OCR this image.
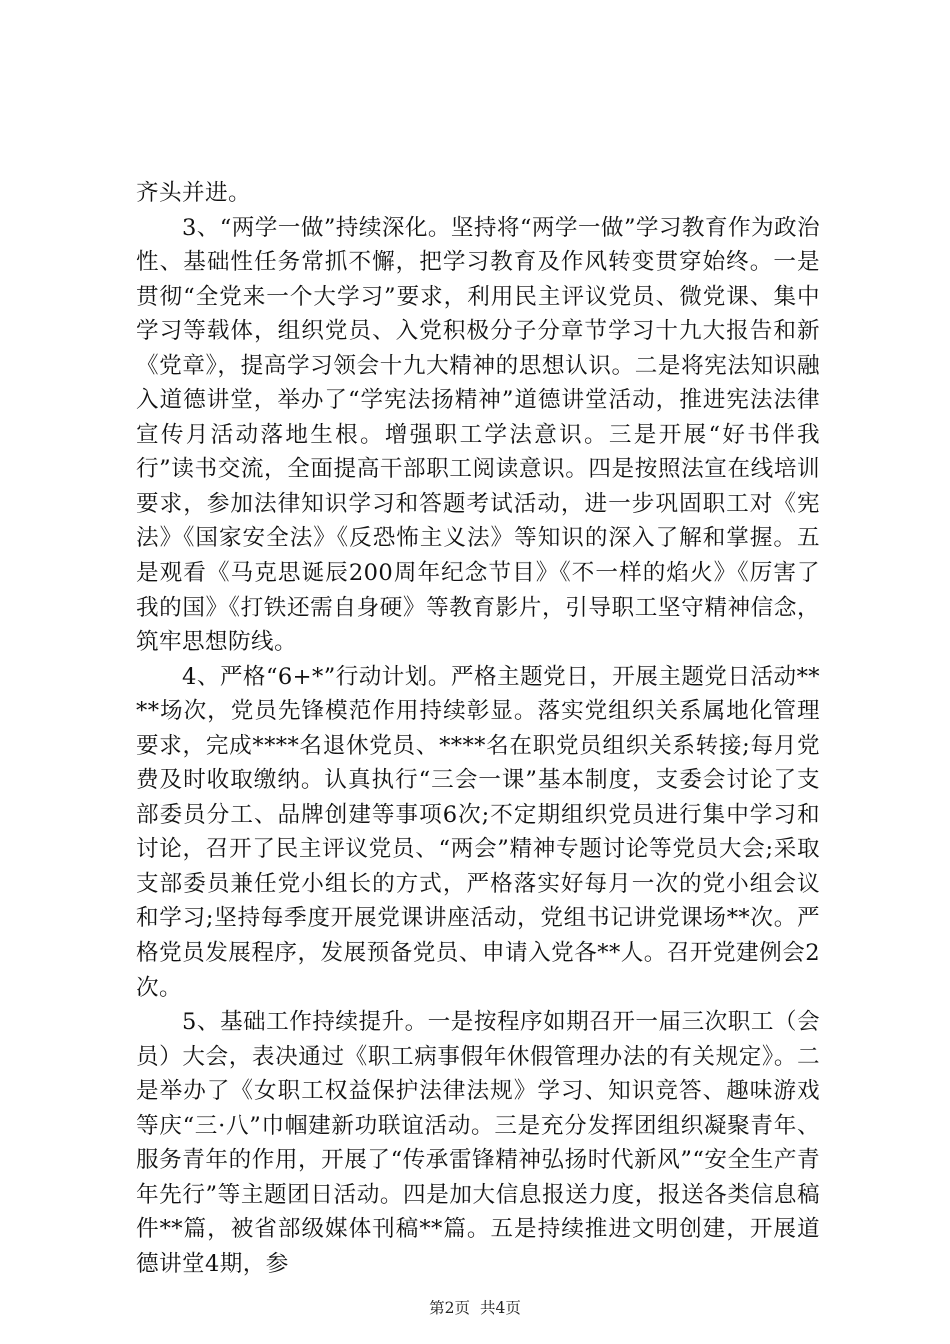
齐头并进。

3、“两学一做”持续深化。坚持将“两学一做”学习教育作为政治性、基础性任务常抓不懈，把学习教育及作风转变贯穿始终。一是贯彻“全党来一个大学习”要求，利用民主评议党员、微党课、集中学习等载体，组织党员、入党积极分子分章节学习十九大报告和新《党章》，提高学习领会十九大精神的思想认识。二是将宪法知识融入道德讲堂，举办了“学宪法扬精神”道德讲堂活动，推进宪法法律宣传月活动落地生根。增强职工学法意识。三是开展“好书伴我行”读书交流，全面提高干部职工阅读意识。四是按照法宣在线培训要求，参加法律知识学习和答题考试活动，进一步巩固职工对《宪法》《国家安全法》《反恐怖主义法》等知识的深入了解和掌握。五是观看《马克思诞辰200周年纪念节目》《不一样的焰火》《厉害了我的国》《打铁还需自身硬》等教育影片，引导职工坚守精神信念，筑牢思想防线。

4、严格“6+*”行动计划。严格主题党日，开展主题党日活动****场次，党员先锋模范作用持续彰显。落实党组织关系属地化管理要求，完成****名退休党员、****名在职党员组织关系转接;每月党费及时收取缴纳。认真执行“三会一课”基本制度，支委会讨论了支部委员分工、品牌创建等事项6次;不定期组织党员进行集中学习和讨论，召开了民主评议党员、“两会”精神专题讨论等党员大会;采取支部委员兼任党小组长的方式，严格落实好每月一次的党小组会议和学习;坚持每季度开展党课讲座活动，党组书记讲党课场**次。严格党员发展程序，发展预备党员、申请入党各**人。召开党建例会2次。

5、基础工作持续提升。一是按程序如期召开一届三次职工（会员）大会，表决通过《职工病事假年休假管理办法的有关规定》。二是举办了《女职工权益保护法律法规》学习、知识竞答、趣味游戏等庆“三·八”巾帼建新功联谊活动。三是充分发挥团组织凝聚青年、服务青年的作用，开展了“传承雷锋精神弘扬时代新风”“安全生产青年先行”等主题团日活动。四是加大信息报送力度，报送各类信息稿件**篇，被省部级媒体刊稿**篇。五是持续推进文明创建，开展道德讲堂4期，参

第2页 共4页
